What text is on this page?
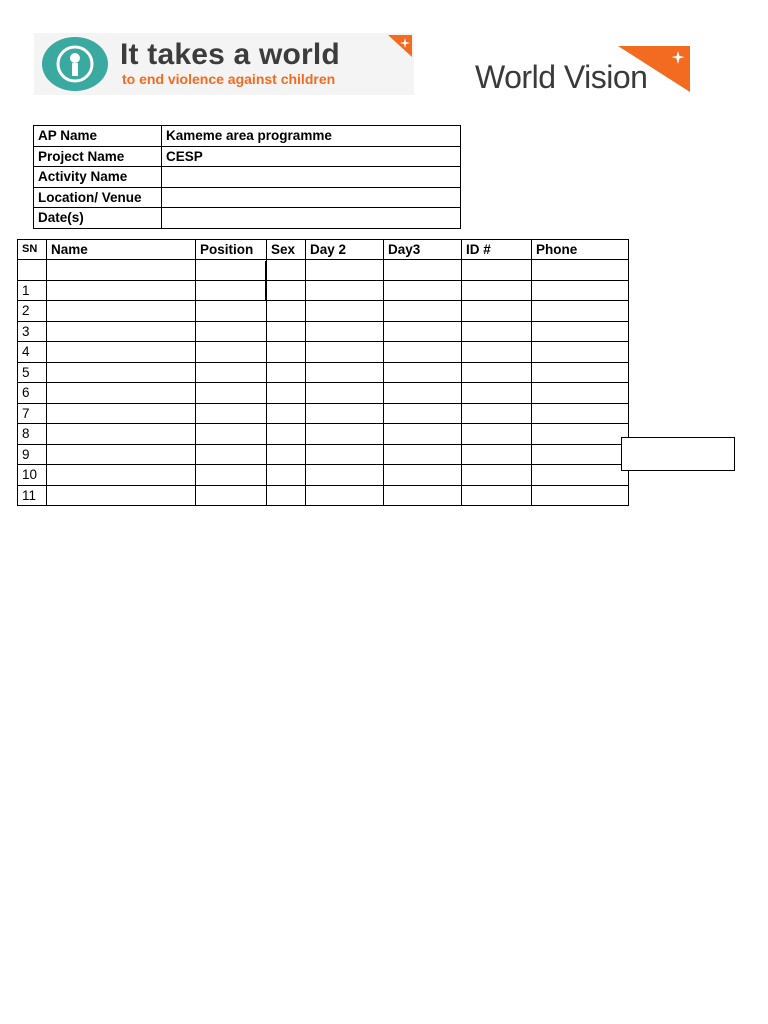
It takes a world
to end violence against children	World Vision
AP Name	Kameme area programme
Project Name	CESP
Activity Name	
Location/ Venue	
Date(s)	
SN	Name	Position	Sex	Day 2	Day3	ID #	Phone

1							
2							
3							
4							
5							
6							
7							
8							
9							
10							
11							
